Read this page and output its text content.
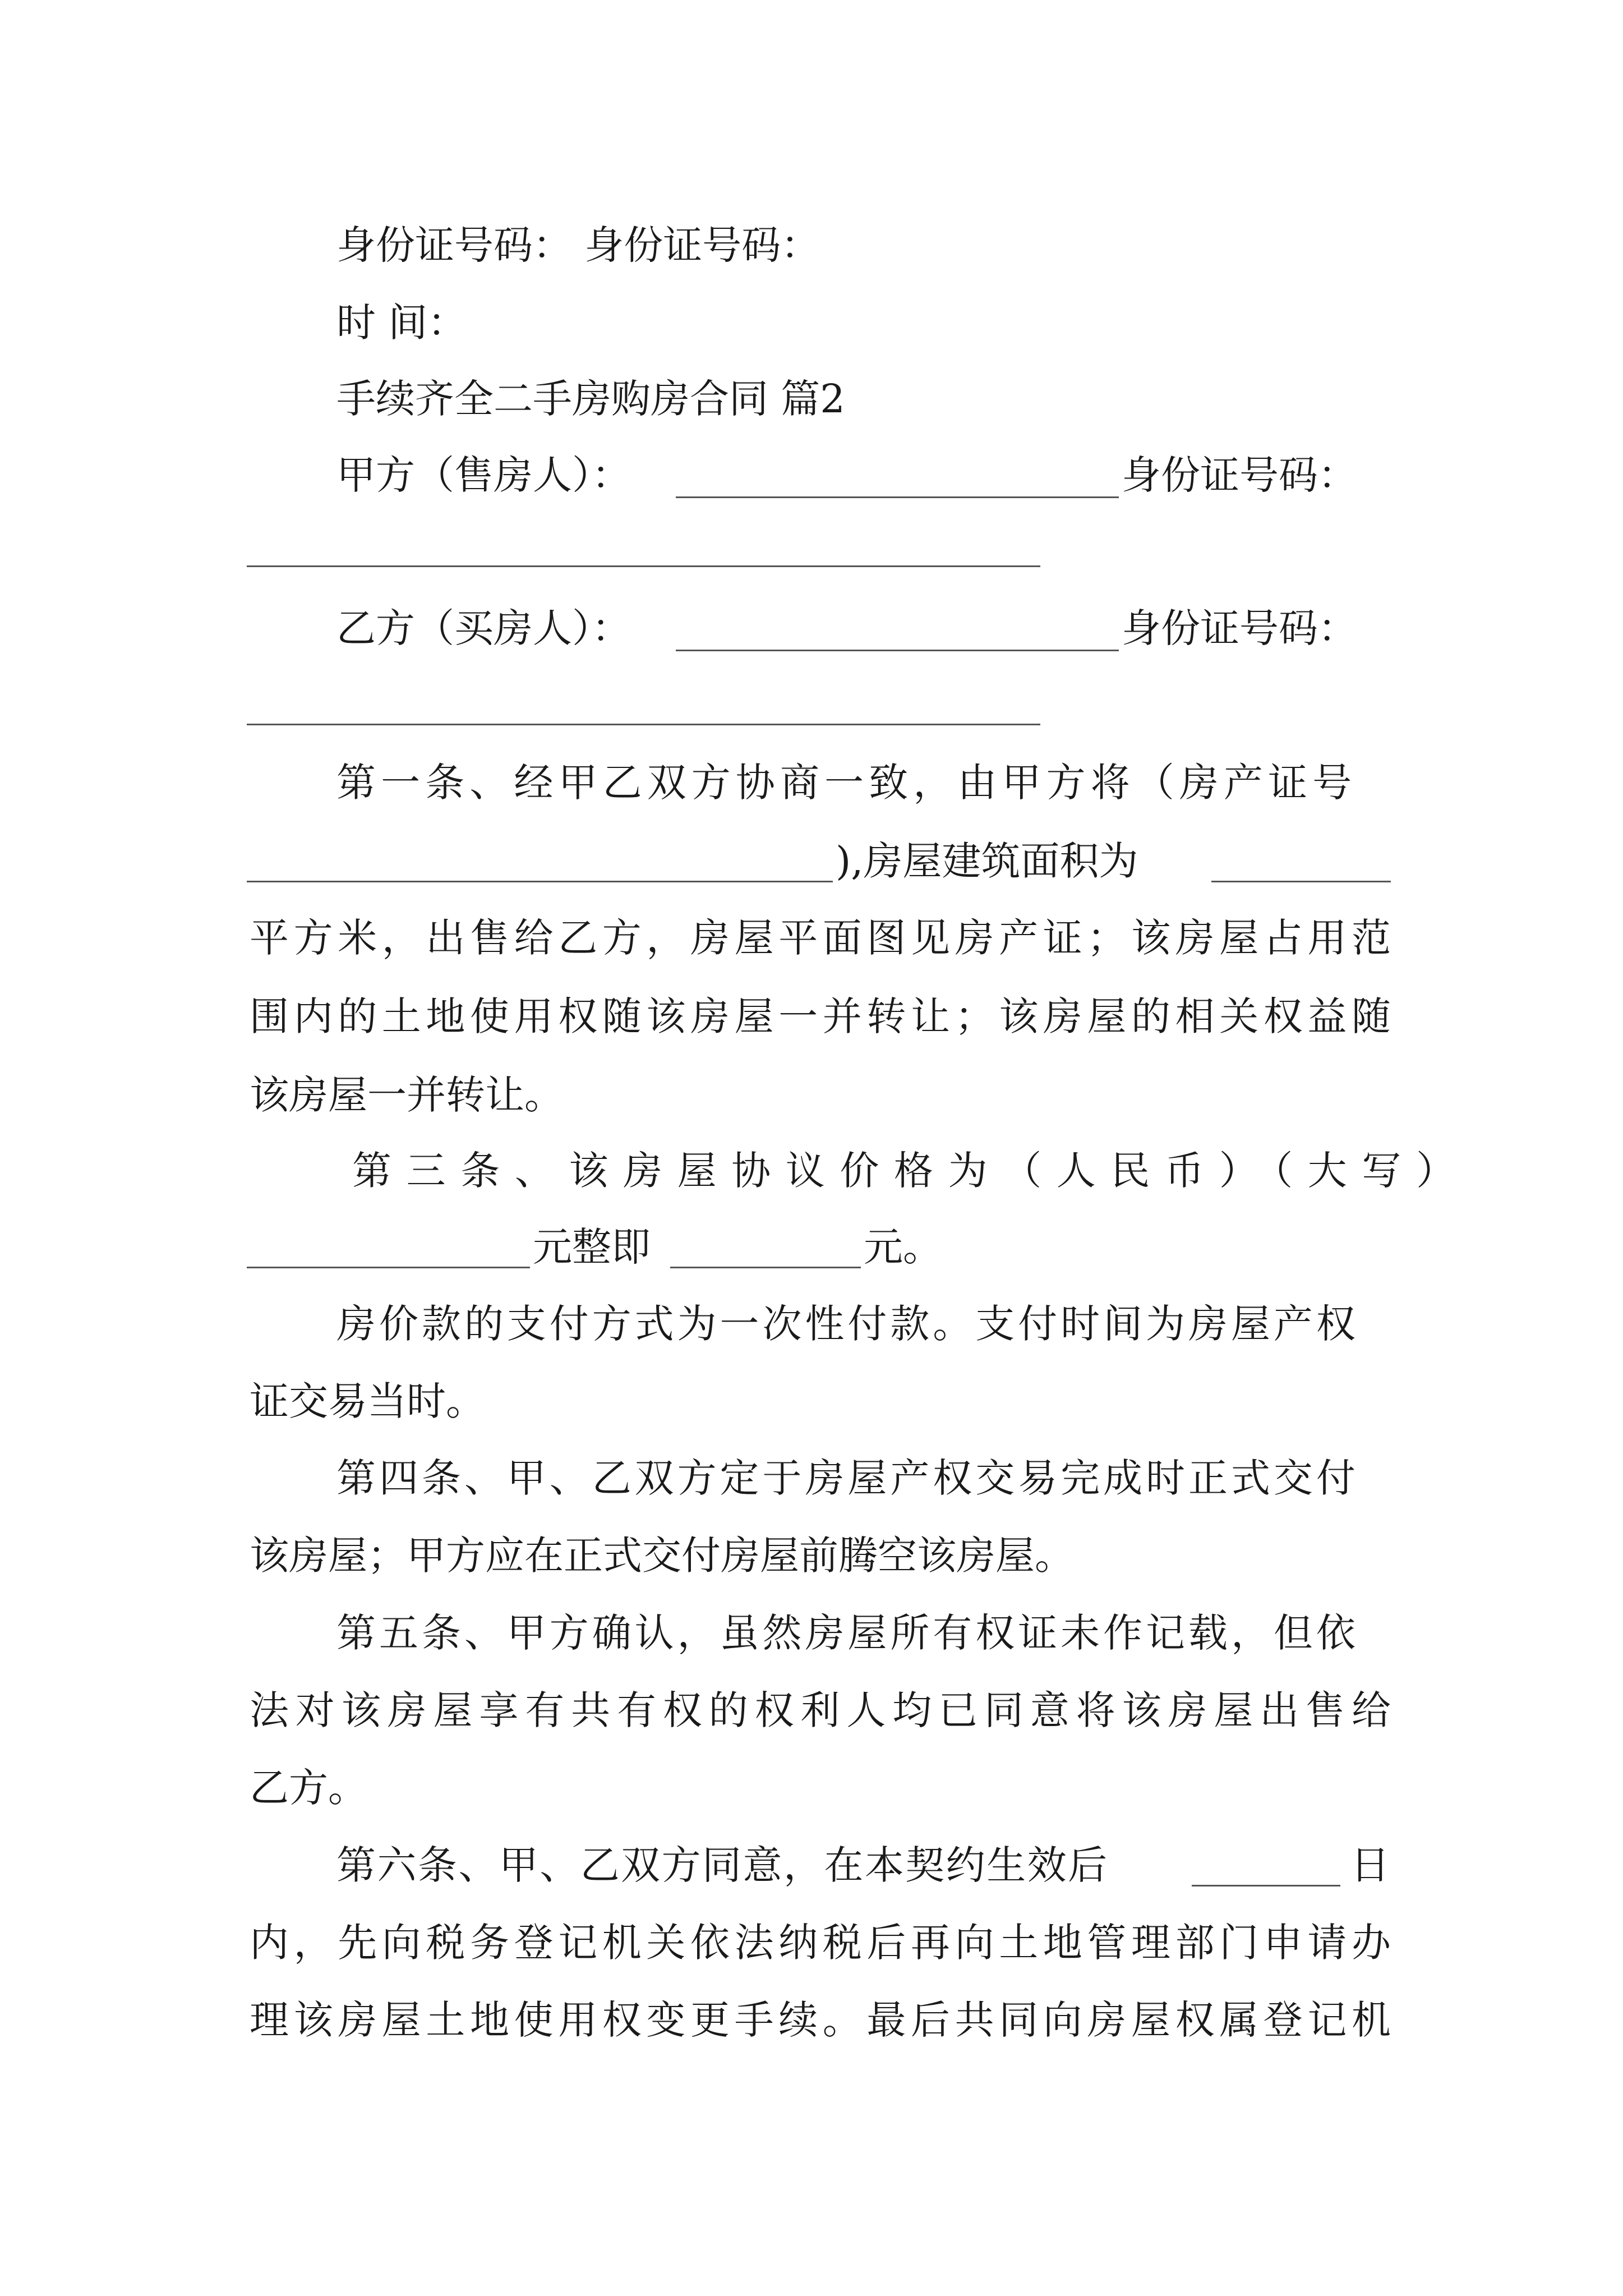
身份证号码： 身份证号码：
时 间：
手续齐全二手房购房合同 篇2
甲方（售房人）：	身份证号码：
乙方（买房人）：	身份证号码：
第一条、经甲乙双方协商一致，由甲方将（房产证号
),房屋建筑面积为
平方米，出售给乙方，房屋平面图见房产证；该房屋占用范
围内的土地使用权随该房屋一并转让；该房屋的相关权益随
该房屋一并转让。
第三条、该房屋协议价格为（人民币）（大写）
元整即	元。
房价款的支付方式为一次性付款。支付时间为房屋产权
证交易当时。
第四条、甲、乙双方定于房屋产权交易完成时正式交付
该房屋；甲方应在正式交付房屋前腾空该房屋。
第五条、甲方确认，虽然房屋所有权证未作记载，但依
法对该房屋享有共有权的权利人均已同意将该房屋出售给
乙方。
第六条、甲、乙双方同意，在本契约生效后	日
内，先向税务登记机关依法纳税后再向土地管理部门申请办
理该房屋土地使用权变更手续。最后共同向房屋权属登记机
